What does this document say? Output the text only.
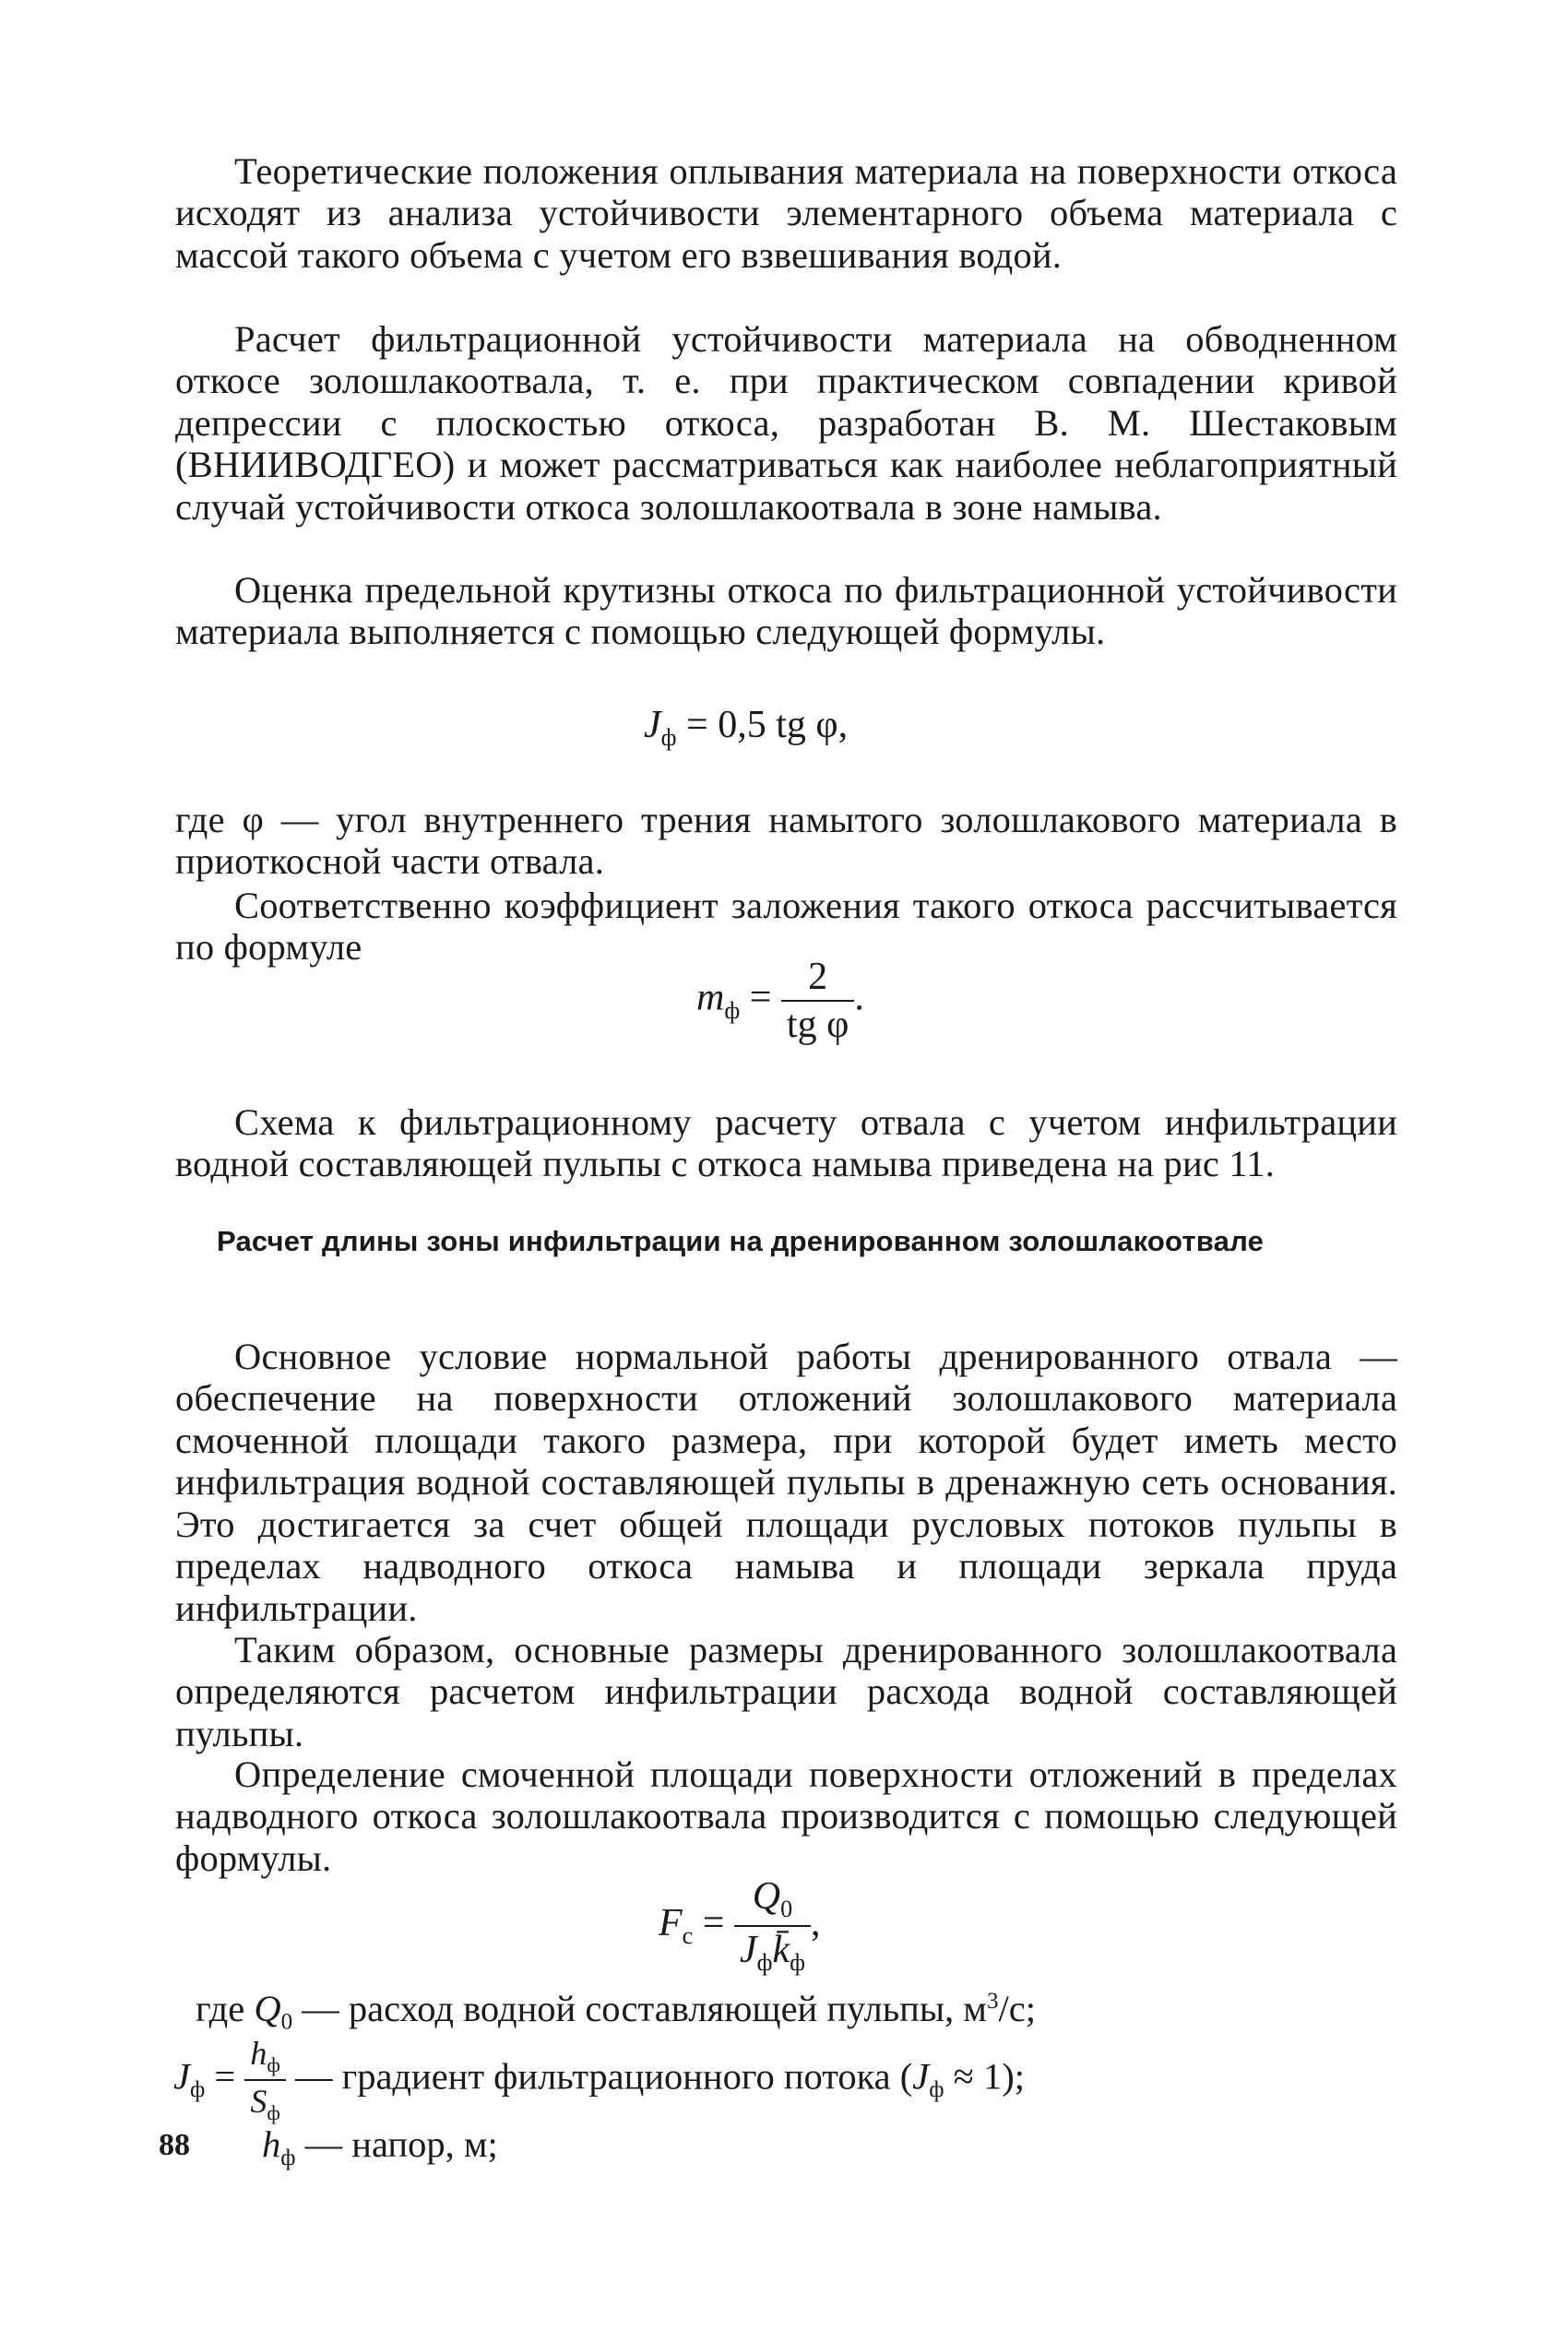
Теоретические положения оплывания материала на поверхности откоса исходят из анализа устойчивости элементарного объема материала с массой такого объема с учетом его взвешивания водой.

Расчет фильтрационной устойчивости материала на обводненном откосе золошлакоотвала, т. е. при практическом совпадении кривой депрессии с плоскостью откоса, разработан В. М. Шестаковым (ВНИИВОДГЕО) и может рассматриваться как наиболее неблагоприятный случай устойчивости откоса золошлакоотвала в зоне намыва.

Оценка предельной крутизны откоса по фильтрационной устойчивости материала выполняется с помощью следующей формулы.

$J_ф = 0,5$ tg φ,

где φ — угол внутреннего трения намытого золошлакового материала в приоткосной части отвала.

Соответственно коэффициент заложения такого откоса рассчитывается по формуле

$m_ф = \frac{2}{\text{tg φ}}$ .

Схема к фильтрационному расчету отвала с учетом инфильтрации водной составляющей пульпы с откоса намыва приведена на рис 11.

Расчет длины зоны инфильтрации на дренированном золошлакоотвале

Основное условие нормальной работы дренированного отвала — обеспечение на поверхности отложений золошлакового материала смоченной площади такого размера, при которой будет иметь место инфильтрация водной составляющей пульпы в дренажную сеть основания. Это достигается за счет общей площади русловых потоков пульпы в пределах надводного откоса намыва и площади зеркала пруда инфильтрации.

Таким образом, основные размеры дренированного золошлакоотвала определяются расчетом инфильтрации расхода водной составляющей пульпы.

Определение смоченной площади поверхности отложений в пределах надводного откоса золошлакоотвала производится с помощью следующей формулы.

$F_с = \frac{Q_0}{J_фk̄_ф}$ ,
где $Q_0$ — расход водной составляющей пульпы, $м^3/с$;
$J_ф = \frac{h_ф}{S_ф}$ — градиент фильтрационного потока $(J_ф \approx 1)$;
$h_ф$ — напор, м;
88
